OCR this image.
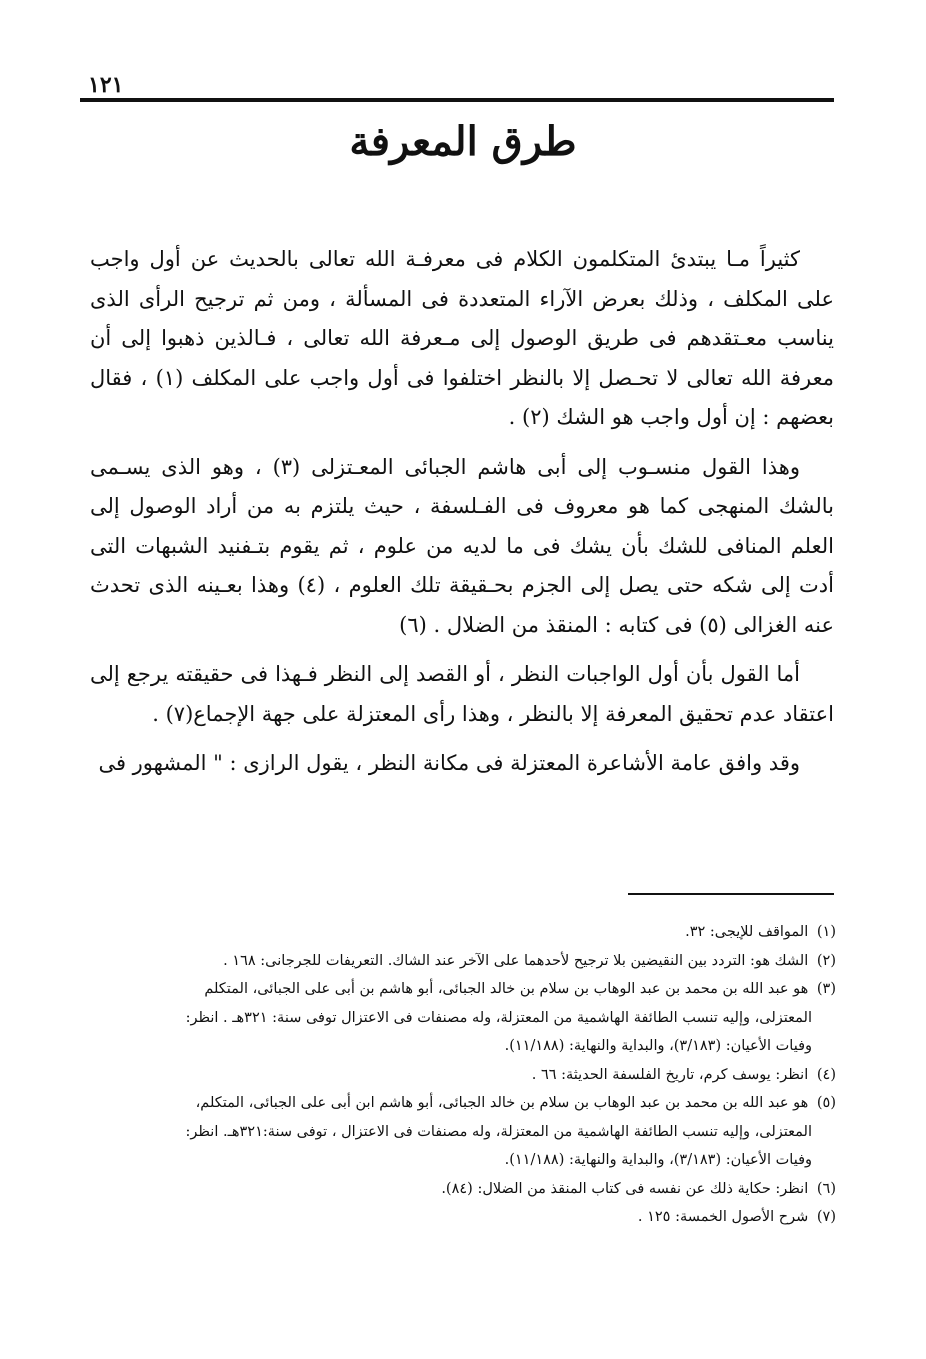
١٢١
طرق المعرفة

كثيراً مـا يبتدئ المتكلمون الكلام فى معرفـة الله تعالى بالحديث عن أول واجب على المكلف ، وذلك بعرض الآراء المتعددة فى المسألة ، ومن ثم ترجيح الرأى الذى يناسب معـتقدهم فى طريق الوصول إلى مـعرفة الله تعالى ، فـالذين ذهبوا إلى أن معرفة الله تعالى لا تحـصل إلا بالنظر اختلفوا فى أول واجب على المكلف (١) ، فقال بعضهم : إن أول واجب هو الشك (٢) .

وهذا القول منسـوب إلى أبى هاشم الجبائى المعـتزلى (٣) ، وهو الذى يسـمى بالشك المنهجى كما هو معروف فى الفـلسفة ، حيث يلتزم به من أراد الوصول إلى العلم المنافى للشك بأن يشك فى ما لديه من علوم ، ثم يقوم بتـفنيد الشبهات التى أدت إلى شكه حتى يصل إلى الجزم بحـقيقة تلك العلوم ، (٤) وهذا بعـينه الذى تحدث عنه الغزالى (٥) فى كتابه : المنقذ من الضلال . (٦)

أما القول بأن أول الواجبات النظر ، أو القصد إلى النظر فـهذا فى حقيقته يرجع إلى اعتقاد عدم تحقيق المعرفة إلا بالنظر ، وهذا رأى المعتزلة على جهة الإجماع(٧) .

وقد وافق عامة الأشاعرة المعتزلة فى مكانة النظر ، يقول الرازى : " المشهور فى

(١) المواقف للإيجى: ٣٢.
(٢) الشك هو: التردد بين النقيضين بلا ترجيح لأحدهما على الآخر عند الشاك. التعريفات للجرجانى: ١٦٨ .
(٣) هو عبد الله بن محمد بن عبد الوهاب بن سلام بن خالد الجبائى، أبو هاشم بن أبى على الجبائى، المتكلم
المعتزلى، وإليه تنسب الطائفة الهاشمية من المعتزلة، وله مصنفات فى الاعتزال توفى سنة: ٣٢١هـ . انظر:
وفيات الأعيان: (٣/١٨٣)، والبداية والنهاية: (١١/١٨٨).
(٤) انظر: يوسف كرم، تاريخ الفلسفة الحديثة: ٦٦ .
(٥) هو عبد الله بن محمد بن عبد الوهاب بن سلام بن خالد الجبائى، أبو هاشم ابن أبى على الجبائى، المتكلم،
المعتزلى، وإليه تنسب الطائفة الهاشمية من المعتزلة، وله مصنفات فى الاعتزال ، توفى سنة:٣٢١هـ. انظر:
وفيات الأعيان: (٣/١٨٣)، والبداية والنهاية: (١١/١٨٨).
(٦) انظر: حكاية ذلك عن نفسه فى كتاب المنقذ من الضلال: (٨٤).
(٧) شرح الأصول الخمسة: ١٢٥ .
